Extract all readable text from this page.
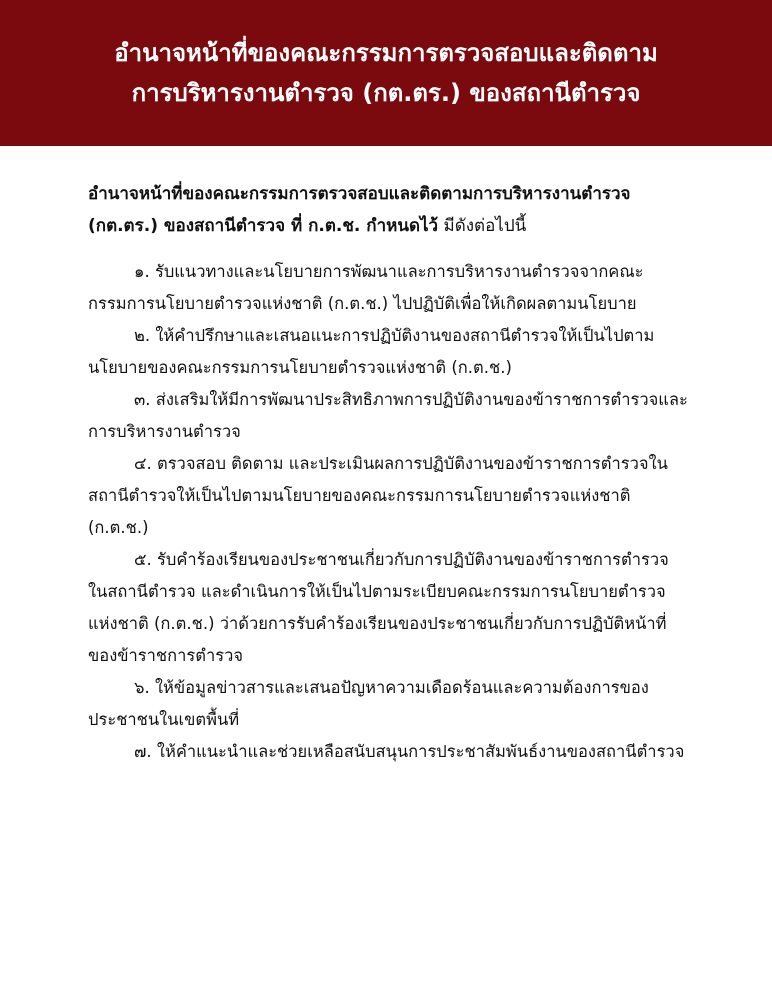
อำนาจหน้าที่ของคณะกรรมการตรวจสอบและติดตาม
การบริหารงานตำรวจ (กต.ตร.) ของสถานีตำรวจ

อำนาจหน้าที่ของคณะกรรมการตรวจสอบและติดตามการบริหารงานตำรวจ (กต.ตร.) ของสถานีตำรวจ ที่ ก.ต.ช. กำหนดไว้ มีดังต่อไปนี้

๑. รับแนวทางและนโยบายการพัฒนาและการบริหารงานตำรวจจากคณะกรรมการนโยบายตำรวจแห่งชาติ (ก.ต.ช.) ไปปฏิบัติเพื่อให้เกิดผลตามนโยบาย

๒. ให้คำปรึกษาและเสนอแนะการปฏิบัติงานของสถานีตำรวจให้เป็นไปตามนโยบายของคณะกรรมการนโยบายตำรวจแห่งชาติ (ก.ต.ช.)

๓. ส่งเสริมให้มีการพัฒนาประสิทธิภาพการปฏิบัติงานของข้าราชการตำรวจและการบริหารงานตำรวจ

๔. ตรวจสอบ ติดตาม และประเมินผลการปฏิบัติงานของข้าราชการตำรวจในสถานีตำรวจให้เป็นไปตามนโยบายของคณะกรรมการนโยบายตำรวจแห่งชาติ (ก.ต.ช.)

๕. รับคำร้องเรียนของประชาชนเกี่ยวกับการปฏิบัติงานของข้าราชการตำรวจในสถานีตำรวจ และดำเนินการให้เป็นไปตามระเบียบคณะกรรมการนโยบายตำรวจแห่งชาติ (ก.ต.ช.) ว่าด้วยการรับคำร้องเรียนของประชาชนเกี่ยวกับการปฏิบัติหน้าที่ของข้าราชการตำรวจ

๖. ให้ข้อมูลข่าวสารและเสนอปัญหาความเดือดร้อนและความต้องการของประชาชนในเขตพื้นที่

๗. ให้คำแนะนำและช่วยเหลือสนับสนุนการประชาสัมพันธ์งานของสถานีตำรวจ
